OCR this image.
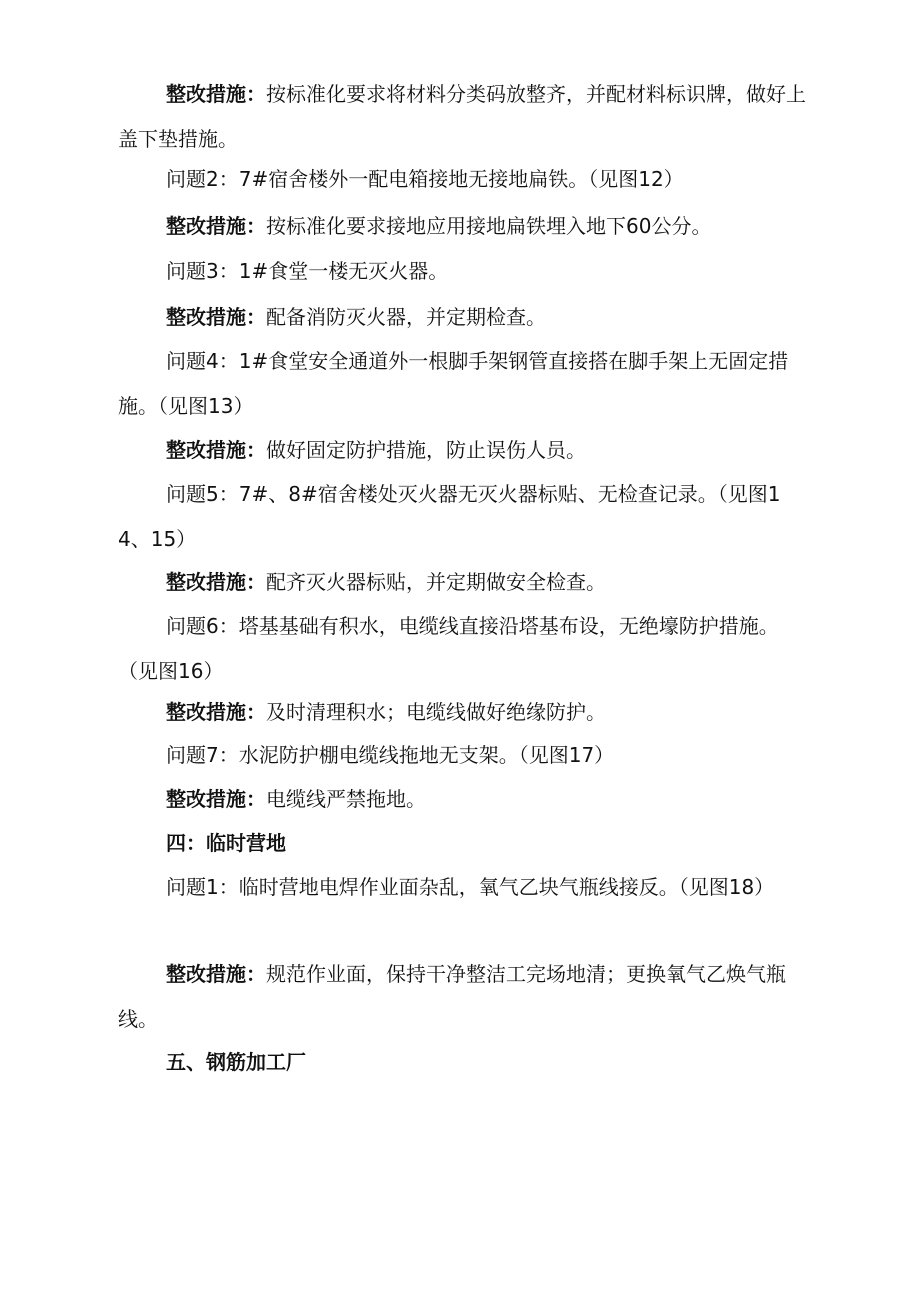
整改措施：按标准化要求将材料分类码放整齐，并配材料标识牌，做好上盖下垫措施。
问题2：7#宿舍楼外一配电箱接地无接地扁铁。（见图12）
整改措施：按标准化要求接地应用接地扁铁埋入地下60公分。
问题3：1#食堂一楼无灭火器。
整改措施：配备消防灭火器，并定期检查。
问题4：1#食堂安全通道外一根脚手架钢管直接搭在脚手架上无固定措施。（见图13）
整改措施：做好固定防护措施，防止误伤人员。
问题5：7#、8#宿舍楼处灭火器无灭火器标贴、无检查记录。（见图14、15）
整改措施：配齐灭火器标贴，并定期做安全检查。
问题6：塔基基础有积水，电缆线直接沿塔基布设，无绝壕防护措施。（见图16）
整改措施：及时清理积水；电缆线做好绝缘防护。
问题7：水泥防护棚电缆线拖地无支架。（见图17）
整改措施：电缆线严禁拖地。
四：临时营地
问题1：临时营地电焊作业面杂乱，氧气乙块气瓶线接反。（见图18）
整改措施：规范作业面，保持干净整洁工完场地清；更换氧气乙焕气瓶线。
五、钢筋加工厂
